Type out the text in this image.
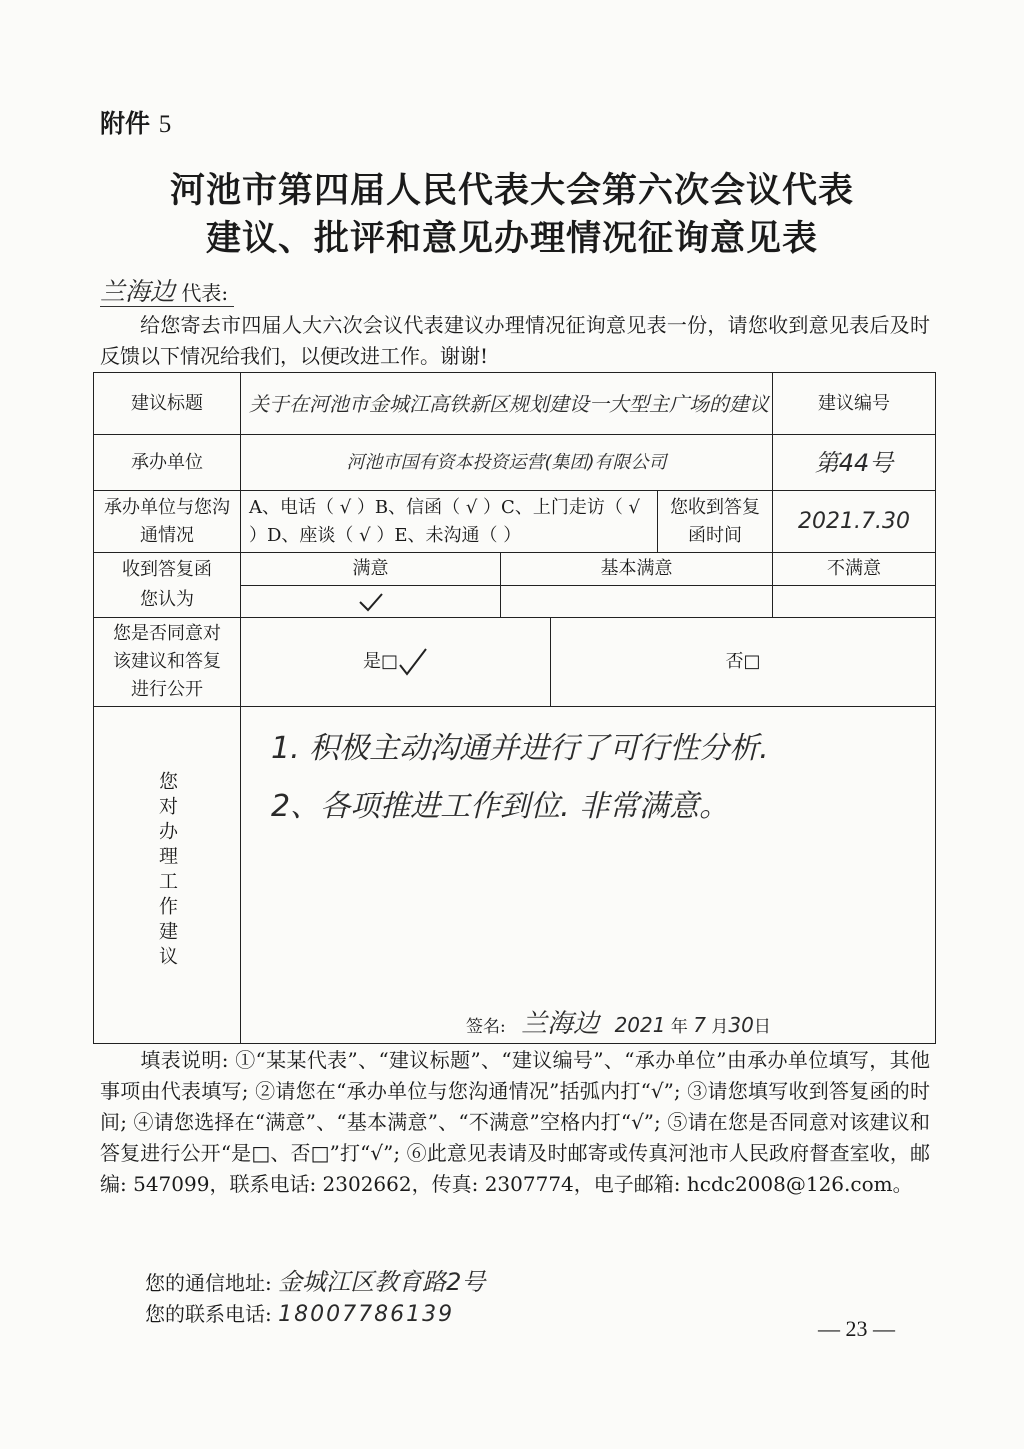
附件 5
河池市第四届人民代表大会第六次会议代表
建议、批评和意见办理情况征询意见表
兰海边 代表:
给您寄去市四届人大六次会议代表建议办理情况征询意见表一份，请您收到意见表后及时反馈以下情况给我们，以便改进工作。谢谢!
建议标题	关于在河池市金城江高铁新区规划建设一大型主广场的建议				建议编号
承办单位	河池市国有资本投资运营(集团)有限公司				第44号
承办单位与您沟通情况	A、电话（ √ ）B、信函（ √ ）C、上门走访（ √ ）D、座谈（ √ ）E、未沟通（ ）			您收到答复函时间	2021.7.30
收到答复函您认为	满意	基本满意			不满意

您是否同意对该建议和答复进行公开	是□		否□		
您对办理工作建议	1. 积极主动沟通并进行了可行性分析.
2、各项推进工作到位. 非常满意。
签名: 兰海边 2021 年 7 月30日				
填表说明: ①“某某代表”、“建议标题”、“建议编号”、“承办单位”由承办单位填写，其他事项由代表填写; ②请您在“承办单位与您沟通情况”括弧内打“√”; ③请您填写收到答复函的时间; ④请您选择在“满意”、“基本满意”、“不满意”空格内打“√”; ⑤请在您是否同意对该建议和答复进行公开“是□、否□”打“√”; ⑥此意见表请及时邮寄或传真河池市人民政府督查室收，邮编: 547099，联系电话: 2302662，传真: 2307774，电子邮箱: hcdc2008@126.com。
您的通信地址: 金城江区教育路2号
您的联系电话: 18007786139
— 23 —
